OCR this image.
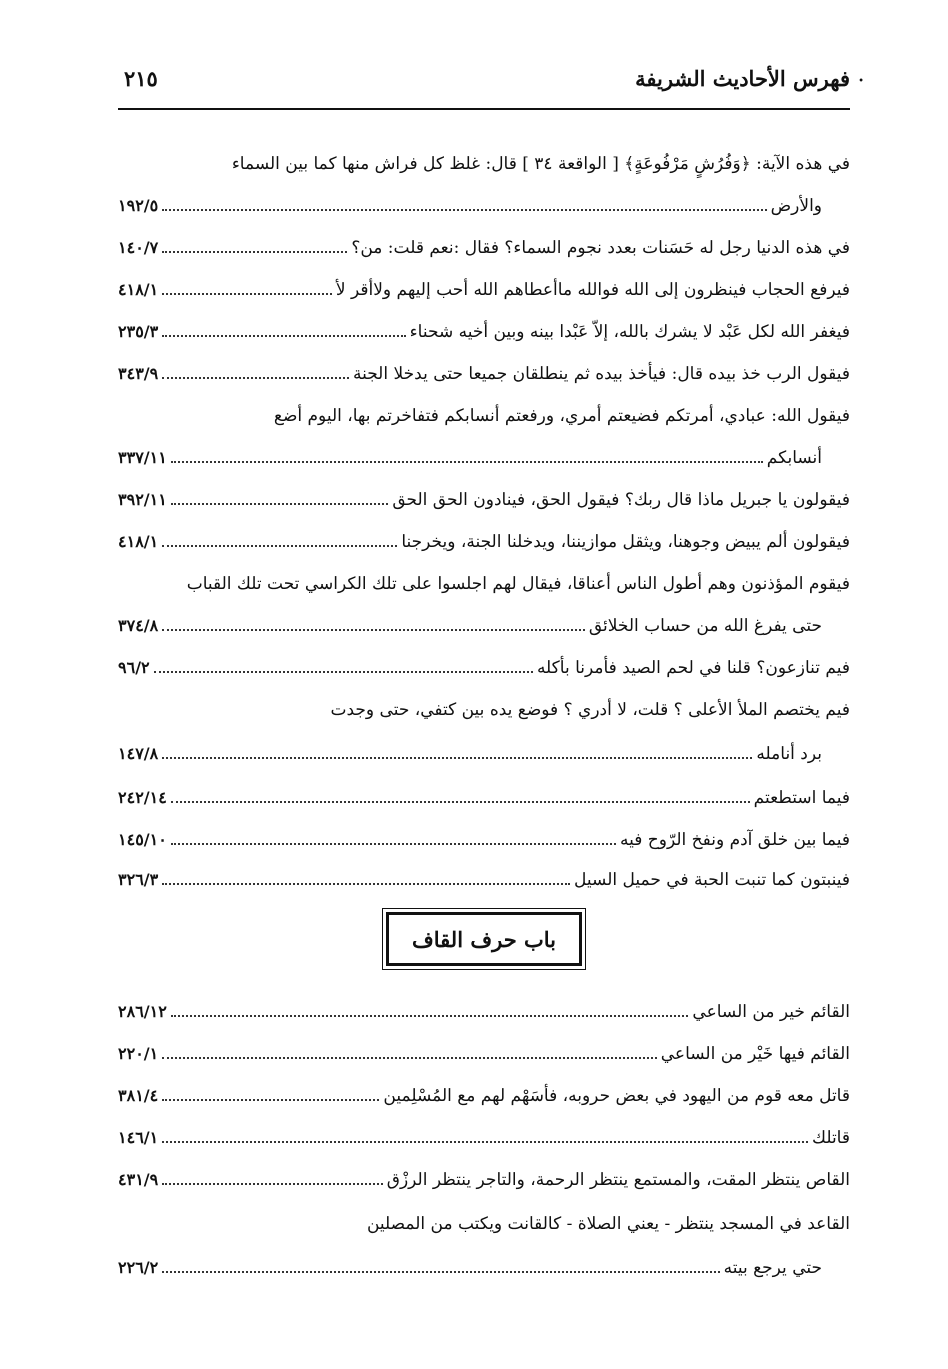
•
فهرس الأحاديث الشريفة
٢١٥
في هذه الآية: ﴿وَفُرُشٍ مَرْفُوعَةٍ﴾ [ الواقعة ٣٤ ] قال: غلظ كل فراش منها كما بين السماء
والأرض
١٩٢/٥
في هذه الدنيا رجل له حَسَنات بعدد نجوم السماء؟ فقال :نعم قلت: من؟
١٤٠/٧
فيرفع الحجاب فينظرون إلى الله فوالله ماأعطاهم الله أحب إليهم ولاأقر لأ
٤١٨/١
فيغفر الله لكل عَبْد لا يشرك بالله، إلاّ عَبْدا بينه وبين أخيه شحناء
٢٣٥/٣
فيقول الرب خذ بيده قال: فيأخذ بيده ثم ينطلقان جميعا حتى يدخلا الجنة
٣٤٣/٩
فيقول الله: عبادي، أمرتكم فضيعتم أمري، ورفعتم أنسابكم فتفاخرتم بها، اليوم أضع
أنسابكم
٣٣٧/١١
فيقولون يا جبريل ماذا قال ربك؟ فيقول الحق، فينادون الحق الحق
٣٩٢/١١
فيقولون ألم يبيض وجوهنا، ويثقل موازيننا، ويدخلنا الجنة، ويخرجنا
٤١٨/١
فيقوم المؤذنون وهم أطول الناس أعناقا، فيقال لهم اجلسوا على تلك الكراسي تحت تلك القباب
حتى يفرغ الله من حساب الخلائق
٣٧٤/٨
فيم تنازعون؟ قلنا في لحم الصيد فأمرنا بأكله
٩٦/٢
فيم يختصم الملأ الأعلى ؟ قلت، لا أدري ؟ فوضع يده بين كتفي، حتى وجدت
برد أنامله
١٤٧/٨
فيما استطعتم
٢٤٢/١٤
فيما بين خلق آدم ونفخ الرّوح فيه
١٤٥/١٠
فينبتون كما تنبت الحبة في حميل السيل
٣٢٦/٣
باب حرف القاف
القائم خير من الساعي
٢٨٦/١٢
القائم فيها خَيْر من الساعي
٢٢٠/١
قاتل معه قوم من اليهود في بعض حروبه، فأسَهْم لهم مع المُسْلِمين
٣٨١/٤
قاتلك
١٤٦/١
القاص ينتظر المقت، والمستمع ينتظر الرحمة، والتاجر ينتظر الرزْق
٤٣١/٩
القاعد في المسجد ينتظر - يعني الصلاة - كالقانت ويكتب من المصلين
حتي يرجع بيته
٢٢٦/٢
